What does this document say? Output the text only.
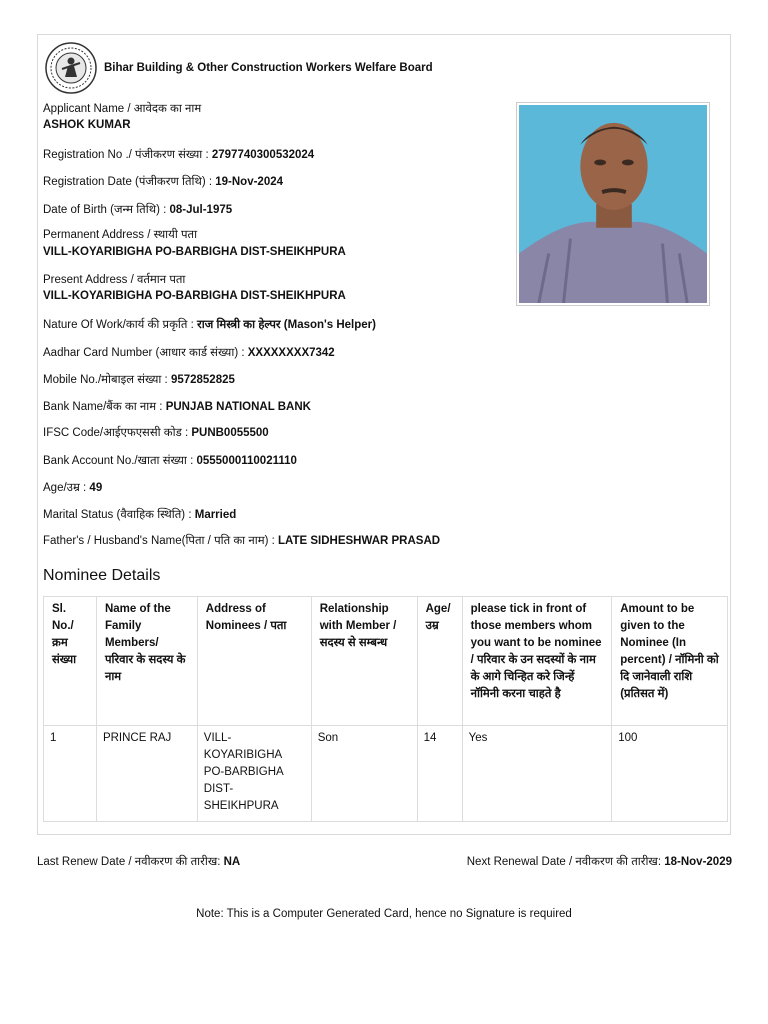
Bihar Building & Other Construction Workers Welfare Board
Applicant Name / आवेदक का नाम
ASHOK KUMAR
Registration No ./ पंजीकरण संख्या : 2797740300532024
Registration Date (पंजीकरण तिथि) : 19-Nov-2024
Date of Birth (जन्म तिथि) : 08-Jul-1975
Permanent Address / स्थायी पता
VILL-KOYARIBIGHA PO-BARBIGHA DIST-SHEIKHPURA
Present Address / वर्तमान पता
VILL-KOYARIBIGHA PO-BARBIGHA DIST-SHEIKHPURA
Nature Of Work/कार्य की प्रकृति : राज मिस्त्री का हेल्पर (Mason's Helper)
Aadhar Card Number (आधार कार्ड संख्या) : XXXXXXXX7342
Mobile No./मोबाइल संख्या : 9572852825
Bank Name/बैंक का नाम : PUNJAB NATIONAL BANK
IFSC Code/आईएफएससी कोड : PUNB0055500
Bank Account No./खाता संख्या : 0555000110021110
Age/उम्र : 49
Marital Status (वैवाहिक स्थिति) : Married
Father's / Husband's Name(पिता / पति का नाम) : LATE SIDHESHWAR PRASAD
Nominee Details
Sl. No./ क्रम संख्या	Name of the Family Members/ परिवार के सदस्य के नाम	Address of Nominees / पता	Relationship with Member / सदस्य से सम्बन्ध	Age/ उम्र	please tick in front of those members whom you want to be nominee / परिवार के उन सदस्यों के नाम के आगे चिन्हित करे जिन्हें नॉमिनी करना चाहते है	Amount to be given to the Nominee (In percent) / नॉमिनी को दि जानेवाली राशि (प्रतिसत में)
1	PRINCE RAJ	VILL-KOYARIBIGHA PO-BARBIGHA DIST-SHEIKHPURA	Son	14	Yes	100
Last Renew Date / नवीकरण की तारीख: NA	Next Renewal Date / नवीकरण की तारीख: 18-Nov-2029
Note: This is a Computer Generated Card, hence no Signature is required
